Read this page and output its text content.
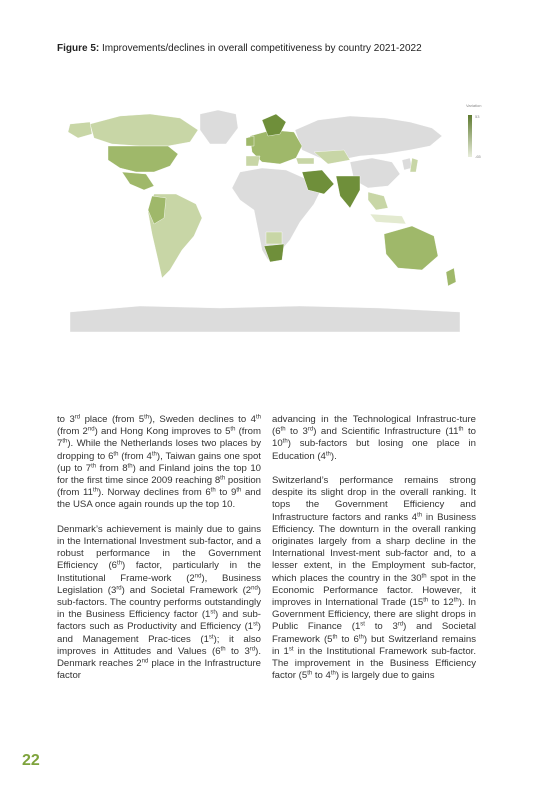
Figure 5: Improvements/declines in overall competitiveness by country 2021-2022
Variation
53
-65

to 3rd place (from 5th), Sweden declines to 4th (from 2nd) and Hong Kong improves to 5th (from 7th). While the Netherlands loses two places by dropping to 6th (from 4th), Taiwan gains one spot (up to 7th from 8th) and Finland joins the top 10 for the first time since 2009 reaching 8th position (from 11th). Norway declines from 6th to 9th and the USA once again rounds up the top 10.

Denmark’s achievement is mainly due to gains in the International Investment sub-factor, and a robust performance in the Government Efficiency (6th) factor, particularly in the Institutional Frame-work (2nd), Business Legislation (3rd) and Societal Framework (2nd) sub-factors. The country performs outstandingly in the Business Efficiency factor (1st) and sub-factors such as Productivity and Efficiency (1st) and Management Prac-tices (1st); it also improves in Attitudes and Values (6th to 3rd). Denmark reaches 2nd place in the Infrastructure factor

advancing in the Technological Infrastruc-ture (6th to 3rd) and Scientific Infrastructure (11th to 10th) sub-factors but losing one place in Education (4th).

Switzerland’s performance remains strong despite its slight drop in the overall ranking. It tops the Government Efficiency and Infrastructure factors and ranks 4th in Business Efficiency. The downturn in the overall ranking originates largely from a sharp decline in the International Invest-ment sub-factor and, to a lesser extent, in the Employment sub-factor, which places the country in the 30th spot in the Economic Performance factor. However, it improves in International Trade (15th to 12th). In Government Efficiency, there are slight drops in Public Finance (1st to 3rd) and Societal Framework (5th to 6th) but Switzerland remains in 1st in the Institutional Framework sub-factor. The improvement in the Business Efficiency factor (5th to 4th) is largely due to gains

22
